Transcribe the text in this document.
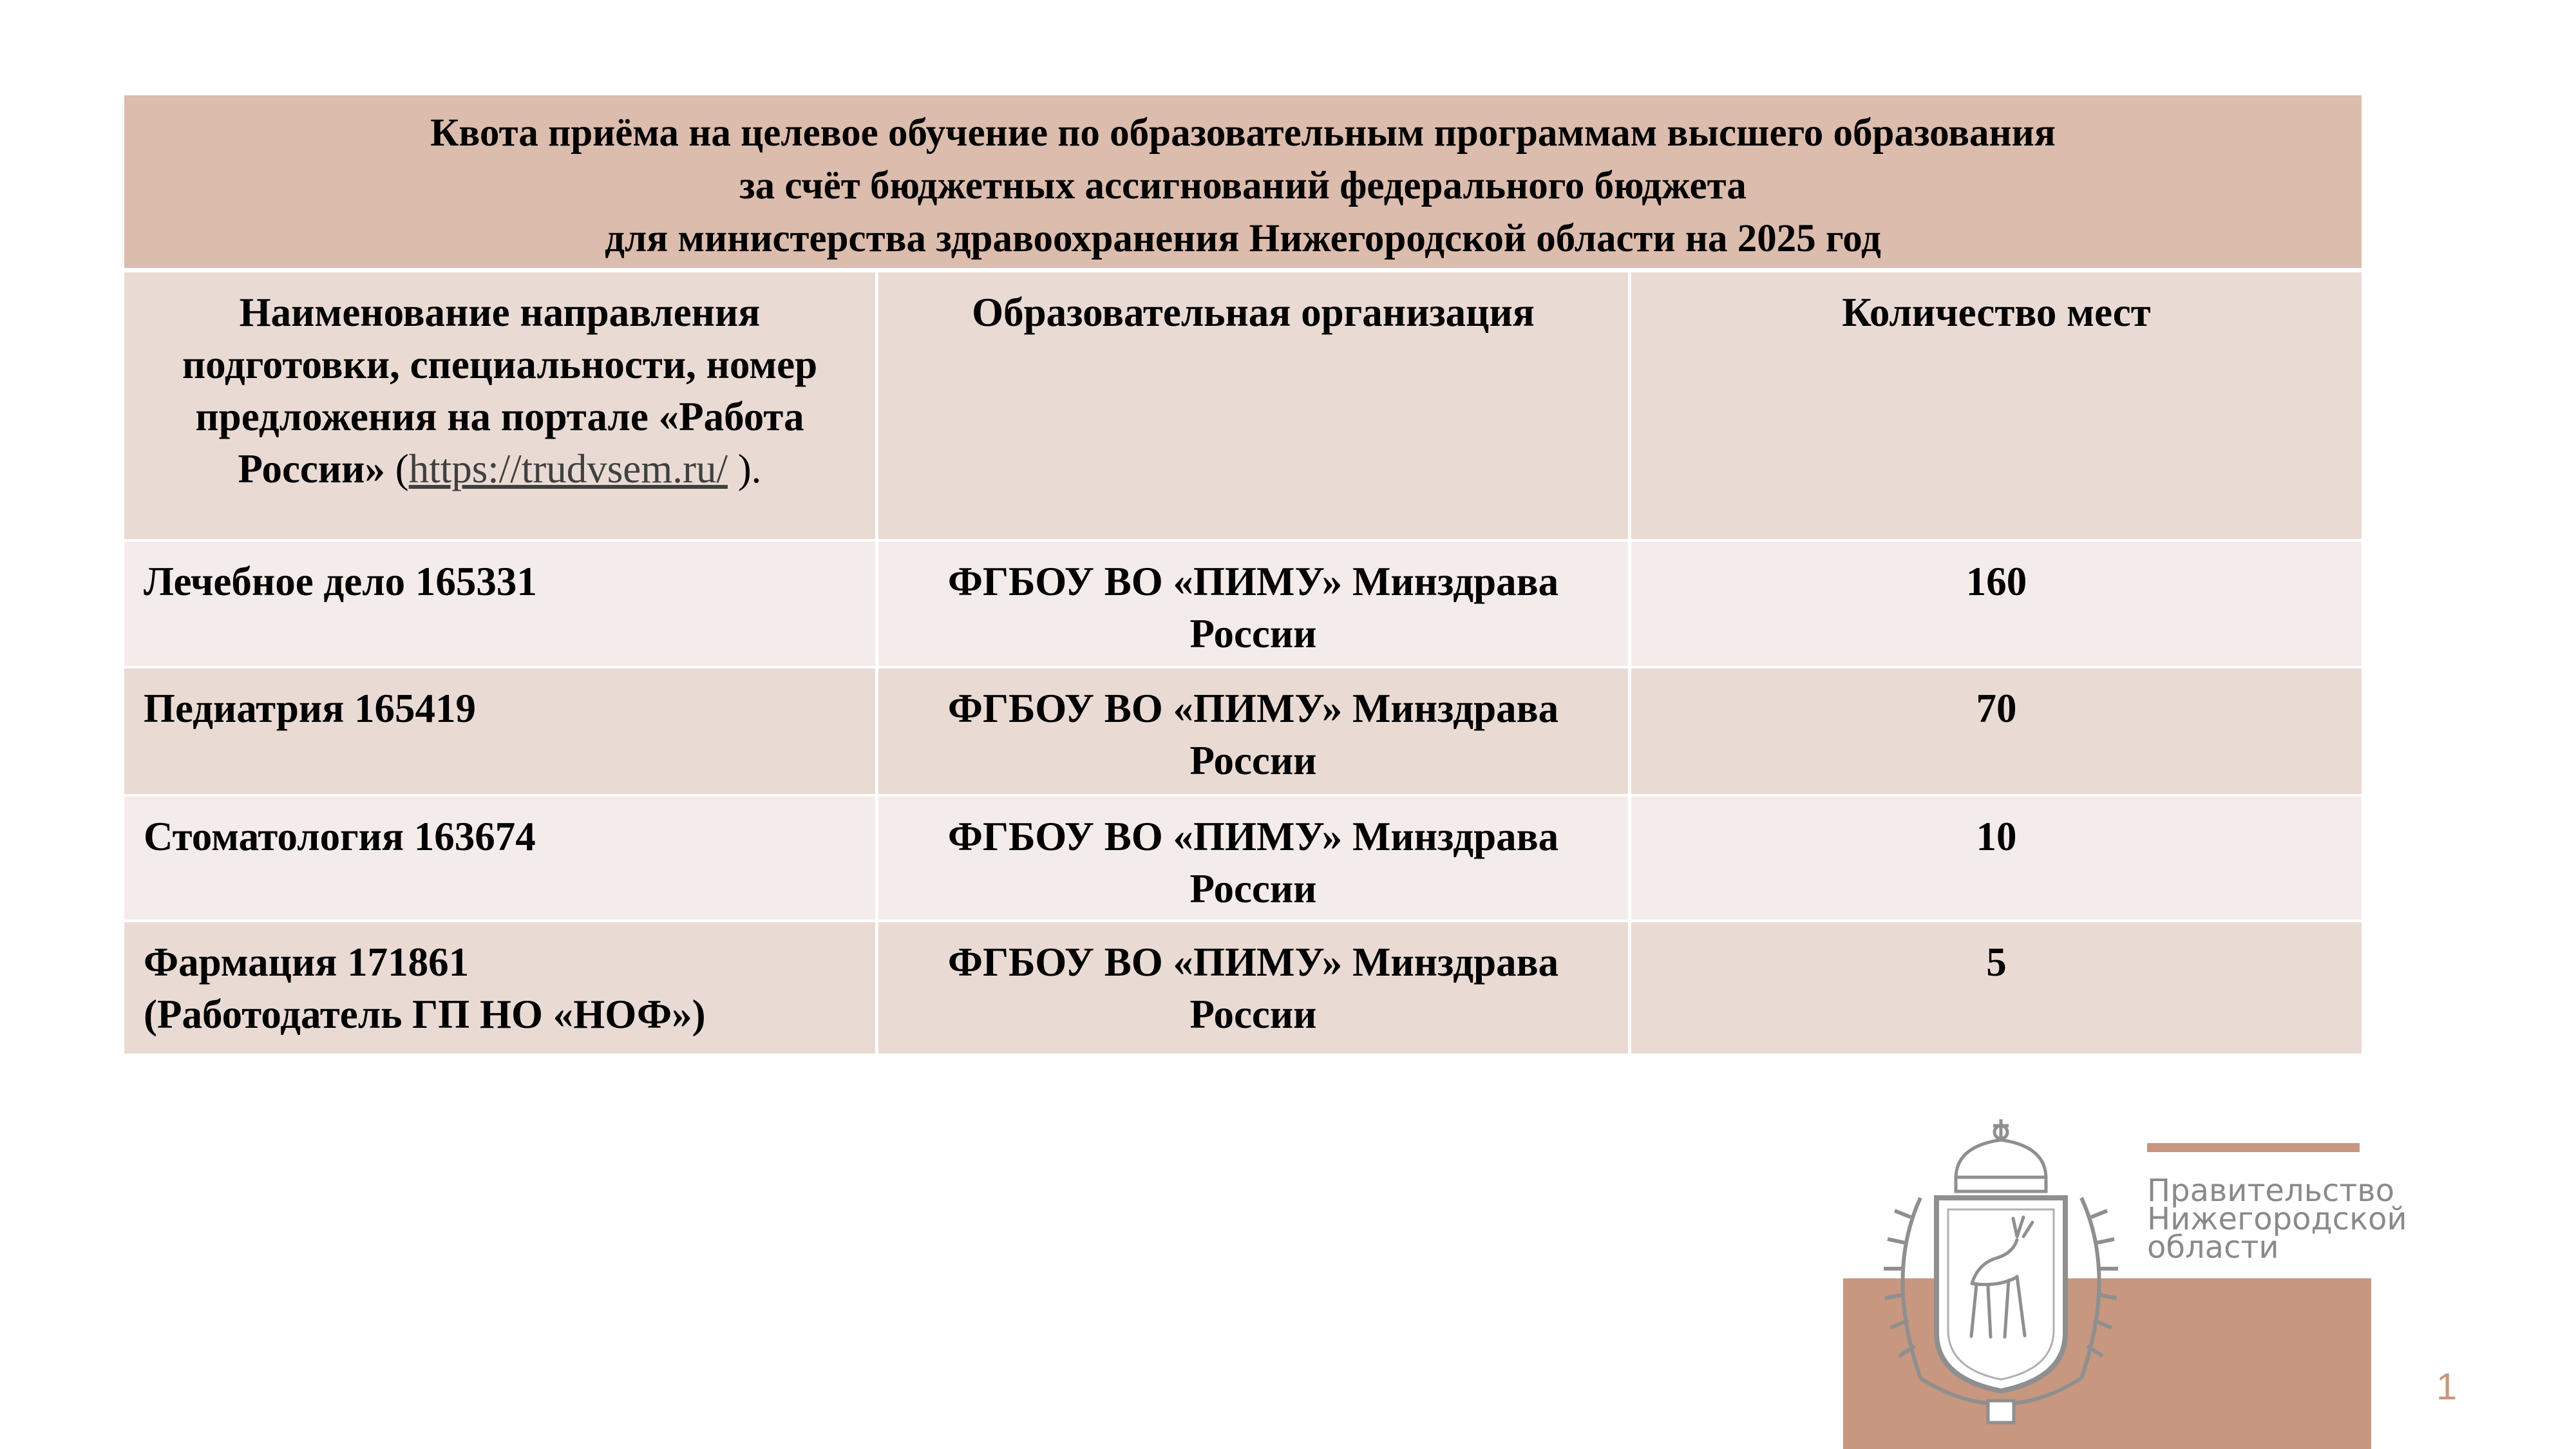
Квота приёма на целевое обучение по образовательным программам высшего образования
за счёт бюджетных ассигнований федерального бюджета
для министерства здравоохранения Нижегородской области на 2025 год		

Наименование направления подготовки, специальности, номер предложения на портале «Работа России» (https://trudvsem.ru/ ).	Образовательная организация	Количество мест
Лечебное дело 165331	ФГБОУ ВО «ПИМУ» Минздрава России	160
Педиатрия 165419	ФГБОУ ВО «ПИМУ» Минздрава России	70
Стоматология 163674	ФГБОУ ВО «ПИМУ» Минздрава России	10
Фармация 171861
(Работодатель ГП НО «НОФ»)	ФГБОУ ВО «ПИМУ» Минздрава России	5
Правительство
Нижегородской
области
1
